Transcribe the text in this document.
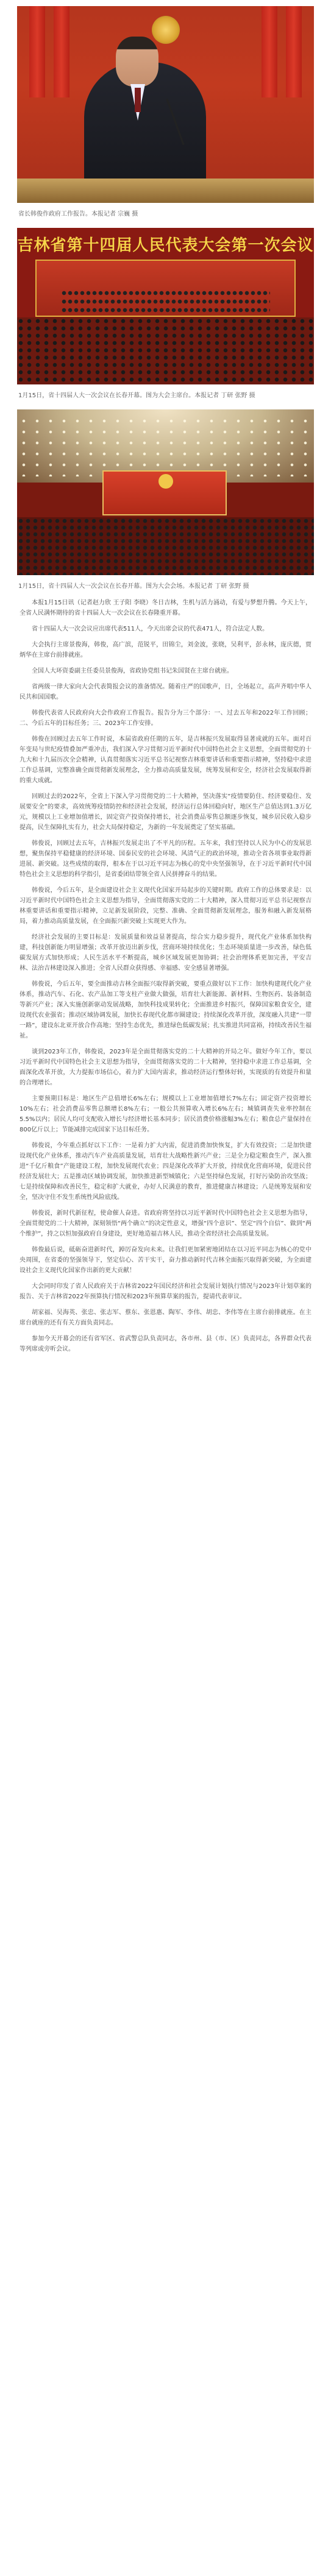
省长韩俊作政府工作报告。本报记者 宗巍 摄
吉林省第十四届人民代表大会第一次会议
1月15日，省十四届人大一次会议在长春开幕。图为大会主席台。本报记者 丁研 张野 摄
1月15日，省十四届人大一次会议在长春开幕。图为大会会场。本报记者 丁研 张野 摄

本报1月15日讯（记者赵力欣 王子阳 李晓）冬日吉林，生机与活力涌动，有爱与梦想升腾。今天上午，全省人民满怀期待的省十四届人大一次会议在长春隆重开幕。

省十四届人大一次会议应出席代表511人，今天出席会议的代表471人，符合法定人数。

大会执行主席景俊海，韩俊，高广滨，范锐平，田锦尘，刘金波，张晓，吴利平，彭永林，庞庆德，贾炳华在主席台前排就座。

全国人大环资委副主任委员景俊海，省政协党组书记朱国贤在主席台就座。

省两级一律大家向大会代表简报会议的准备情况。随着庄严的国歌声，日，全场起立，高声齐唱中华人民共和国国歌。

韩俊代表省人民政府向大会作政府工作报告。报告分为三个部分：一、过去五年和2022年工作回顾；二、今后五年的目标任务；三、2023年工作安排。

韩俊在回顾过去五年工作时说，本届省政府任期的五年，是吉林振兴发展取得显著成就的五年。面对百年变局与世纪疫情叠加严重冲击，我们深入学习贯彻习近平新时代中国特色社会主义思想，全面贯彻党的十九大和十九届历次全会精神，认真贯彻落实习近平总书记视察吉林重要讲话和重要指示精神，坚持稳中求进工作总基调，完整准确全面贯彻新发展理念，全力推动高质量发展，统筹发展和安全，经济社会发展取得新的重大成就。

回顾过去的2022年，全省上下深入学习贯彻党的二十大精神，坚决落实“疫情要防住、经济要稳住、发展要安全”的要求，高效统筹疫情防控和经济社会发展，经济运行总体回稳向好，地区生产总值达到1.3万亿元，规模以上工业增加值增长，固定资产投资保持增长，社会消费品零售总额逐步恢复，城乡居民收入稳步提高，民生保障扎实有力，社会大局保持稳定，为新的一年发展奠定了坚实基础。

韩俊说，回顾过去五年，吉林振兴发展走出了不平凡的历程。五年来，我们坚持以人民为中心的发展思想，聚焦保持平稳健康的经济环境、国泰民安的社会环境、风清气正的政治环境，推动全省各项事业取得新进展、新突破。这些成绩的取得，根本在于以习近平同志为核心的党中央坚强领导，在于习近平新时代中国特色社会主义思想的科学指引，是省委团结带领全省人民拼搏奋斗的结果。

韩俊说，今后五年，是全面建设社会主义现代化国家开局起步的关键时期。政府工作的总体要求是：以习近平新时代中国特色社会主义思想为指导，全面贯彻落实党的二十大精神，深入贯彻习近平总书记视察吉林重要讲话和重要指示精神，立足新发展阶段，完整、准确、全面贯彻新发展理念，服务和融入新发展格局，着力推动高质量发展，在全面振兴新突破上实现更大作为。

经济社会发展的主要目标是：发展质量和效益显著提高，综合实力稳步提升，现代化产业体系加快构建，科技创新能力明显增强；改革开放迈出新步伐，营商环境持续优化；生态环境质量进一步改善，绿色低碳发展方式加快形成；人民生活水平不断提高，城乡区域发展更加协调；社会治理体系更加完善，平安吉林、法治吉林建设深入推进；全省人民群众获得感、幸福感、安全感显著增强。

韩俊说，今后五年，要全面推动吉林全面振兴取得新突破，要重点做好以下工作：加快构建现代化产业体系，推动汽车、石化、农产品加工等支柱产业做大做强，培育壮大新能源、新材料、生物医药、装备制造等新兴产业；深入实施创新驱动发展战略，加快科技成果转化；全面推进乡村振兴，保障国家粮食安全，建设现代农业强省；推动区域协调发展，加快长春现代化都市圈建设；持续深化改革开放，深度融入共建“一带一路”，建设东北亚开放合作高地；坚持生态优先，推进绿色低碳发展；扎实推进共同富裕，持续改善民生福祉。

谈到2023年工作，韩俊说，2023年是全面贯彻落实党的二十大精神的开局之年。做好今年工作，要以习近平新时代中国特色社会主义思想为指导，全面贯彻落实党的二十大精神，坚持稳中求进工作总基调，全面深化改革开放，大力提振市场信心，着力扩大国内需求，推动经济运行整体好转，实现质的有效提升和量的合理增长。

主要预期目标是：地区生产总值增长6%左右；规模以上工业增加值增长7%左右；固定资产投资增长10%左右；社会消费品零售总额增长8%左右；一般公共预算收入增长6%左右；城镇调查失业率控制在5.5%以内；居民人均可支配收入增长与经济增长基本同步；居民消费价格涨幅3%左右；粮食总产量保持在800亿斤以上；节能减排完成国家下达目标任务。

韩俊说，今年重点抓好以下工作：一是着力扩大内需，促进消费加快恢复，扩大有效投资；二是加快建设现代化产业体系，推动汽车产业高质量发展，培育壮大战略性新兴产业；三是全力稳定粮食生产，深入推进“千亿斤粮食”产能建设工程，加快发展现代农业；四是深化改革扩大开放，持续优化营商环境，促进民营经济发展壮大；五是推动区域协调发展，加快推进新型城镇化；六是坚持绿色发展，打好污染防治攻坚战；七是持续保障和改善民生，稳定和扩大就业，办好人民满意的教育，推进健康吉林建设；八是统筹发展和安全，坚决守住不发生系统性风险底线。

韩俊说，新时代新征程，使命催人奋进。省政府将坚持以习近平新时代中国特色社会主义思想为指导，全面贯彻党的二十大精神，深刻领悟“两个确立”的决定性意义，增强“四个意识”、坚定“四个自信”、做到“两个维护”，持之以恒加强政府自身建设，更好地造福吉林人民，推动全省经济社会高质量发展。

韩俊最后说，砥砺奋进新时代，踔厉奋发向未来。让我们更加紧密地团结在以习近平同志为核心的党中央周围，在省委的坚强领导下，坚定信心、苦干实干，奋力推动新时代吉林全面振兴取得新突破，为全面建设社会主义现代化国家作出新的更大贡献！

大会同时印发了省人民政府关于吉林省2022年国民经济和社会发展计划执行情况与2023年计划草案的报告、关于吉林省2022年预算执行情况和2023年预算草案的报告，提请代表审议。

胡家福、吴海英、张忠、张志军、蔡东、张恩惠、陶军、李伟、胡忠、李伟等在主席台前排就座。在主席台就座的还有有关方面负责同志。

参加今天开幕会的还有省军区、省武警总队负责同志，各市州、县（市、区）负责同志，各界群众代表等列席或旁听会议。
